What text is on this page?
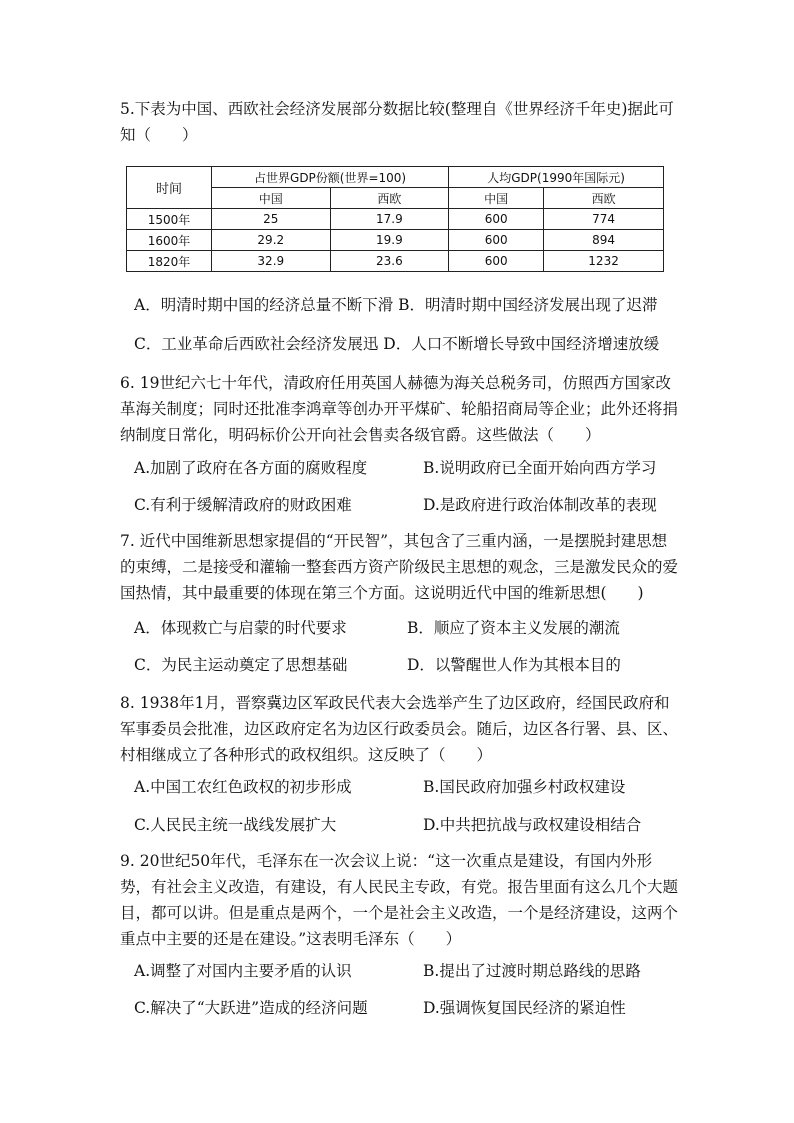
5.下表为中国、西欧社会经济发展部分数据比较(整理自《世界经济千年史)据此可知（　　）
时间	占世界GDP份额(世界=100)		人均GDP(1990年国际元)	
	中国	西欧	中国	西欧
1500年	25	17.9	600	774
1600年	29.2	19.9	600	894
1820年	32.9	23.6	600	1232
A．明清时期中国的经济总量不断下滑 B．明清时期中国经济发展出现了迟滞
C．工业革命后西欧社会经济发展迅 D．人口不断增长导致中国经济增速放缓
6. 19世纪六七十年代，清政府任用英国人赫德为海关总税务司，仿照西方国家改革海关制度；同时还批准李鸿章等创办开平煤矿、轮船招商局等企业；此外还将捐纳制度日常化，明码标价公开向社会售卖各级官爵。这些做法（　　）
A.加剧了政府在各方面的腐败程度	B.说明政府已全面开始向西方学习
C.有利于缓解清政府的财政困难	D.是政府进行政治体制改革的表现
7. 近代中国维新思想家提倡的“开民智”，其包含了三重内涵，一是摆脱封建思想的束缚，二是接受和灌输一整套西方资产阶级民主思想的观念，三是激发民众的爱国热情，其中最重要的体现在第三个方面。这说明近代中国的维新思想(　　)
A．体现救亡与启蒙的时代要求	B．顺应了资本主义发展的潮流
C．为民主运动奠定了思想基础	D．以警醒世人作为其根本目的
8. 1938年1月，晋察冀边区军政民代表大会选举产生了边区政府，经国民政府和军事委员会批准，边区政府定名为边区行政委员会。随后，边区各行署、县、区、村相继成立了各种形式的政权组织。这反映了（　　）
A.中国工农红色政权的初步形成	B.国民政府加强乡村政权建设
C.人民民主统一战线发展扩大	D.中共把抗战与政权建设相结合
9. 20世纪50年代，毛泽东在一次会议上说：“这一次重点是建设，有国内外形势，有社会主义改造，有建设，有人民民主专政，有党。报告里面有这么几个大题目，都可以讲。但是重点是两个，一个是社会主义改造，一个是经济建设，这两个重点中主要的还是在建设。”这表明毛泽东（　　）
A.调整了对国内主要矛盾的认识	B.提出了过渡时期总路线的思路
C.解决了“大跃进”造成的经济问题	D.强调恢复国民经济的紧迫性
